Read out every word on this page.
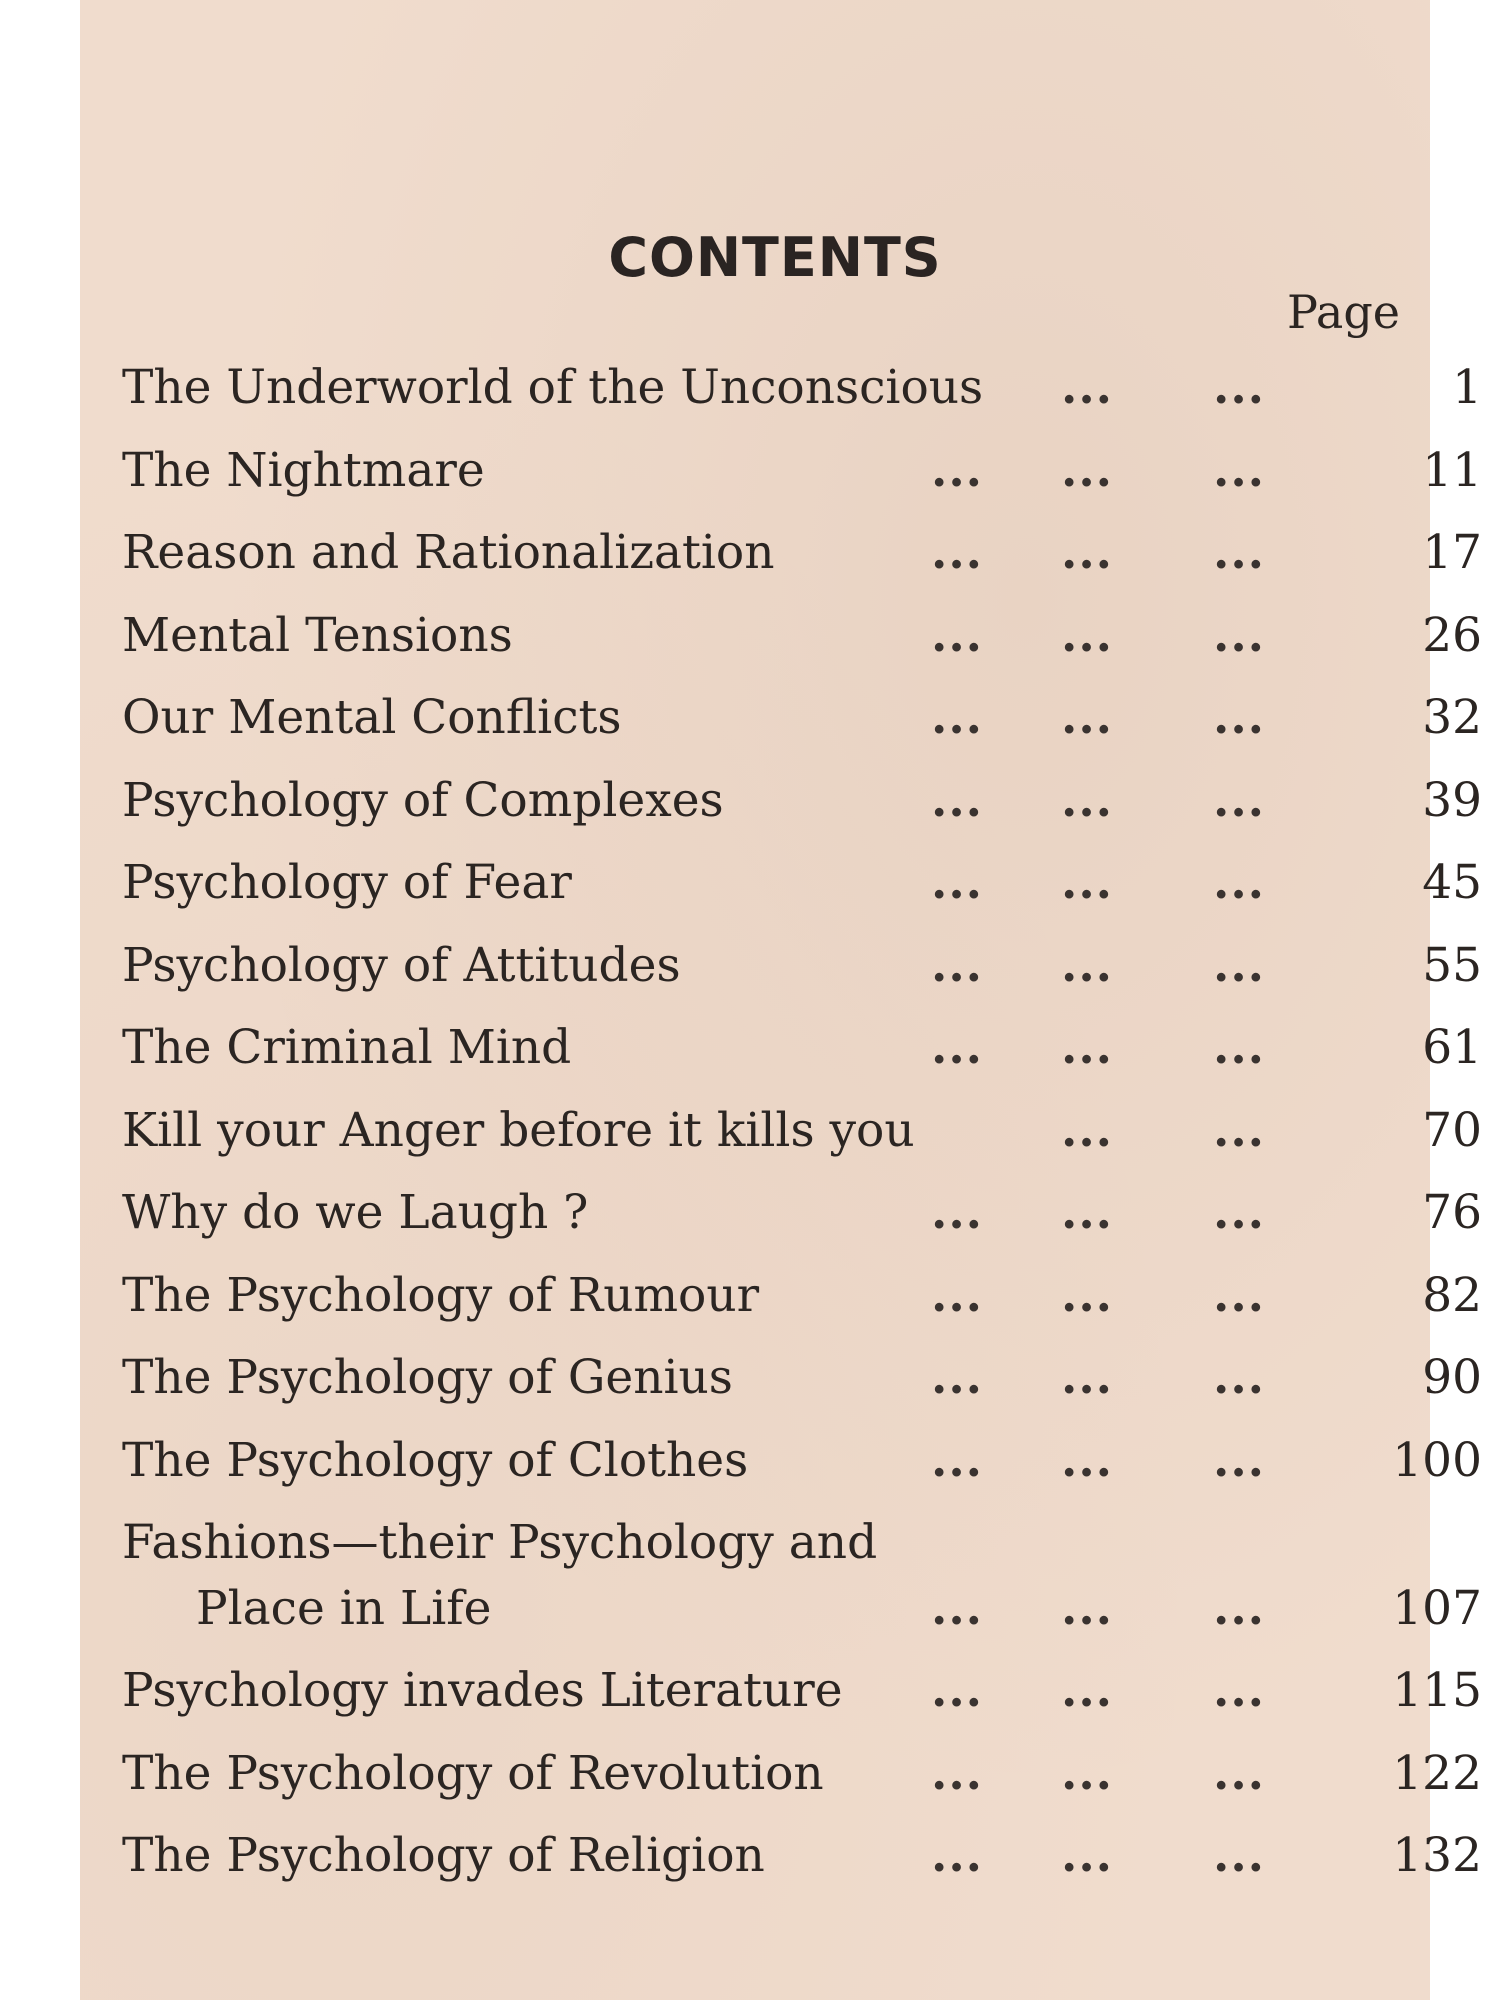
CONTENTS
Page
The Underworld of the Unconscious ... ...	1
The Nightmare	... ... ...	11
Reason and Rationalization	... ... ...	17
Mental Tensions	... ... ...	26
Our Mental Conflicts	... ... ...	32
Psychology of Complexes	... ... ...	39
Psychology of Fear	... ... ...	45
Psychology of Attitudes	... ... ...	55
The Criminal Mind	... ... ...	61
Kill your Anger before it kills you	... ...	70
Why do we Laugh ?	... ... ...	76
The Psychology of Rumour	... ... ...	82
The Psychology of Genius	... ... ...	90
The Psychology of Clothes	... ... ...	100
Fashions—their Psychology and
Place in Life	... ... ...	107
Psychology invades Literature ... ... ...	115
The Psychology of Revolution ... ... ...	122
The Psychology of Religion	... ... ...	132
